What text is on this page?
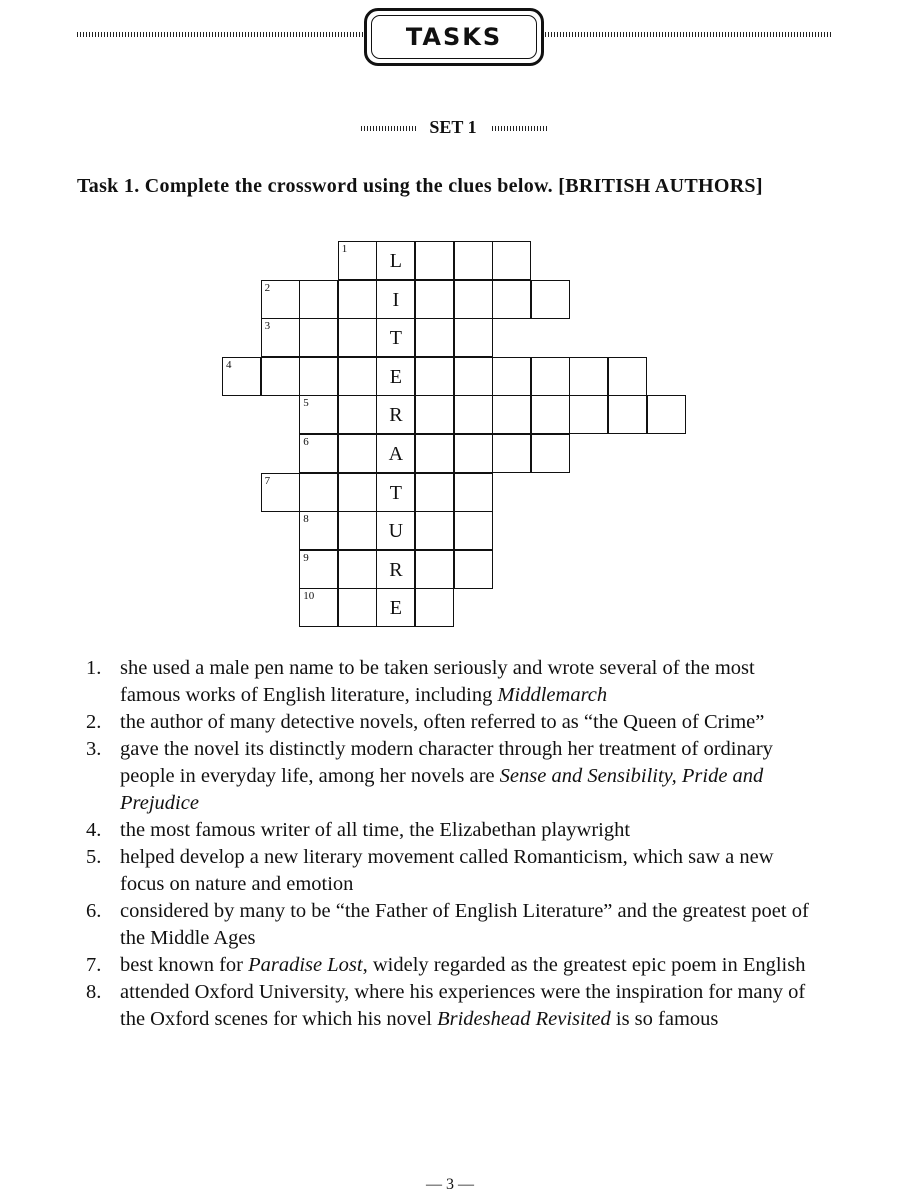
TASKS
SET 1
Task 1. Complete the crossword using the clues below. [BRITISH AUTHORS]
1
L
2
I
3
T
4
E
5
R
6
A
7
T
8
U
9
R
10
E
1. she used a male pen name to be taken seriously and wrote several of the most famous works of English literature, including Middlemarch
2. the author of many detective novels, often referred to as “the Queen of Crime”
3. gave the novel its distinctly modern character through her treatment of ordinary people in everyday life, among her novels are Sense and Sensibility, Pride and Prejudice
4. the most famous writer of all time, the Elizabethan playwright
5. helped develop a new literary movement called Romanticism, which saw a new focus on nature and emotion
6. considered by many to be “the Father of English Literature” and the greatest poet of the Middle Ages
7. best known for Paradise Lost, widely regarded as the greatest epic poem in English
8. attended Oxford University, where his experiences were the inspiration for many of the Oxford scenes for which his novel Brideshead Revisited is so famous
— 3 —
